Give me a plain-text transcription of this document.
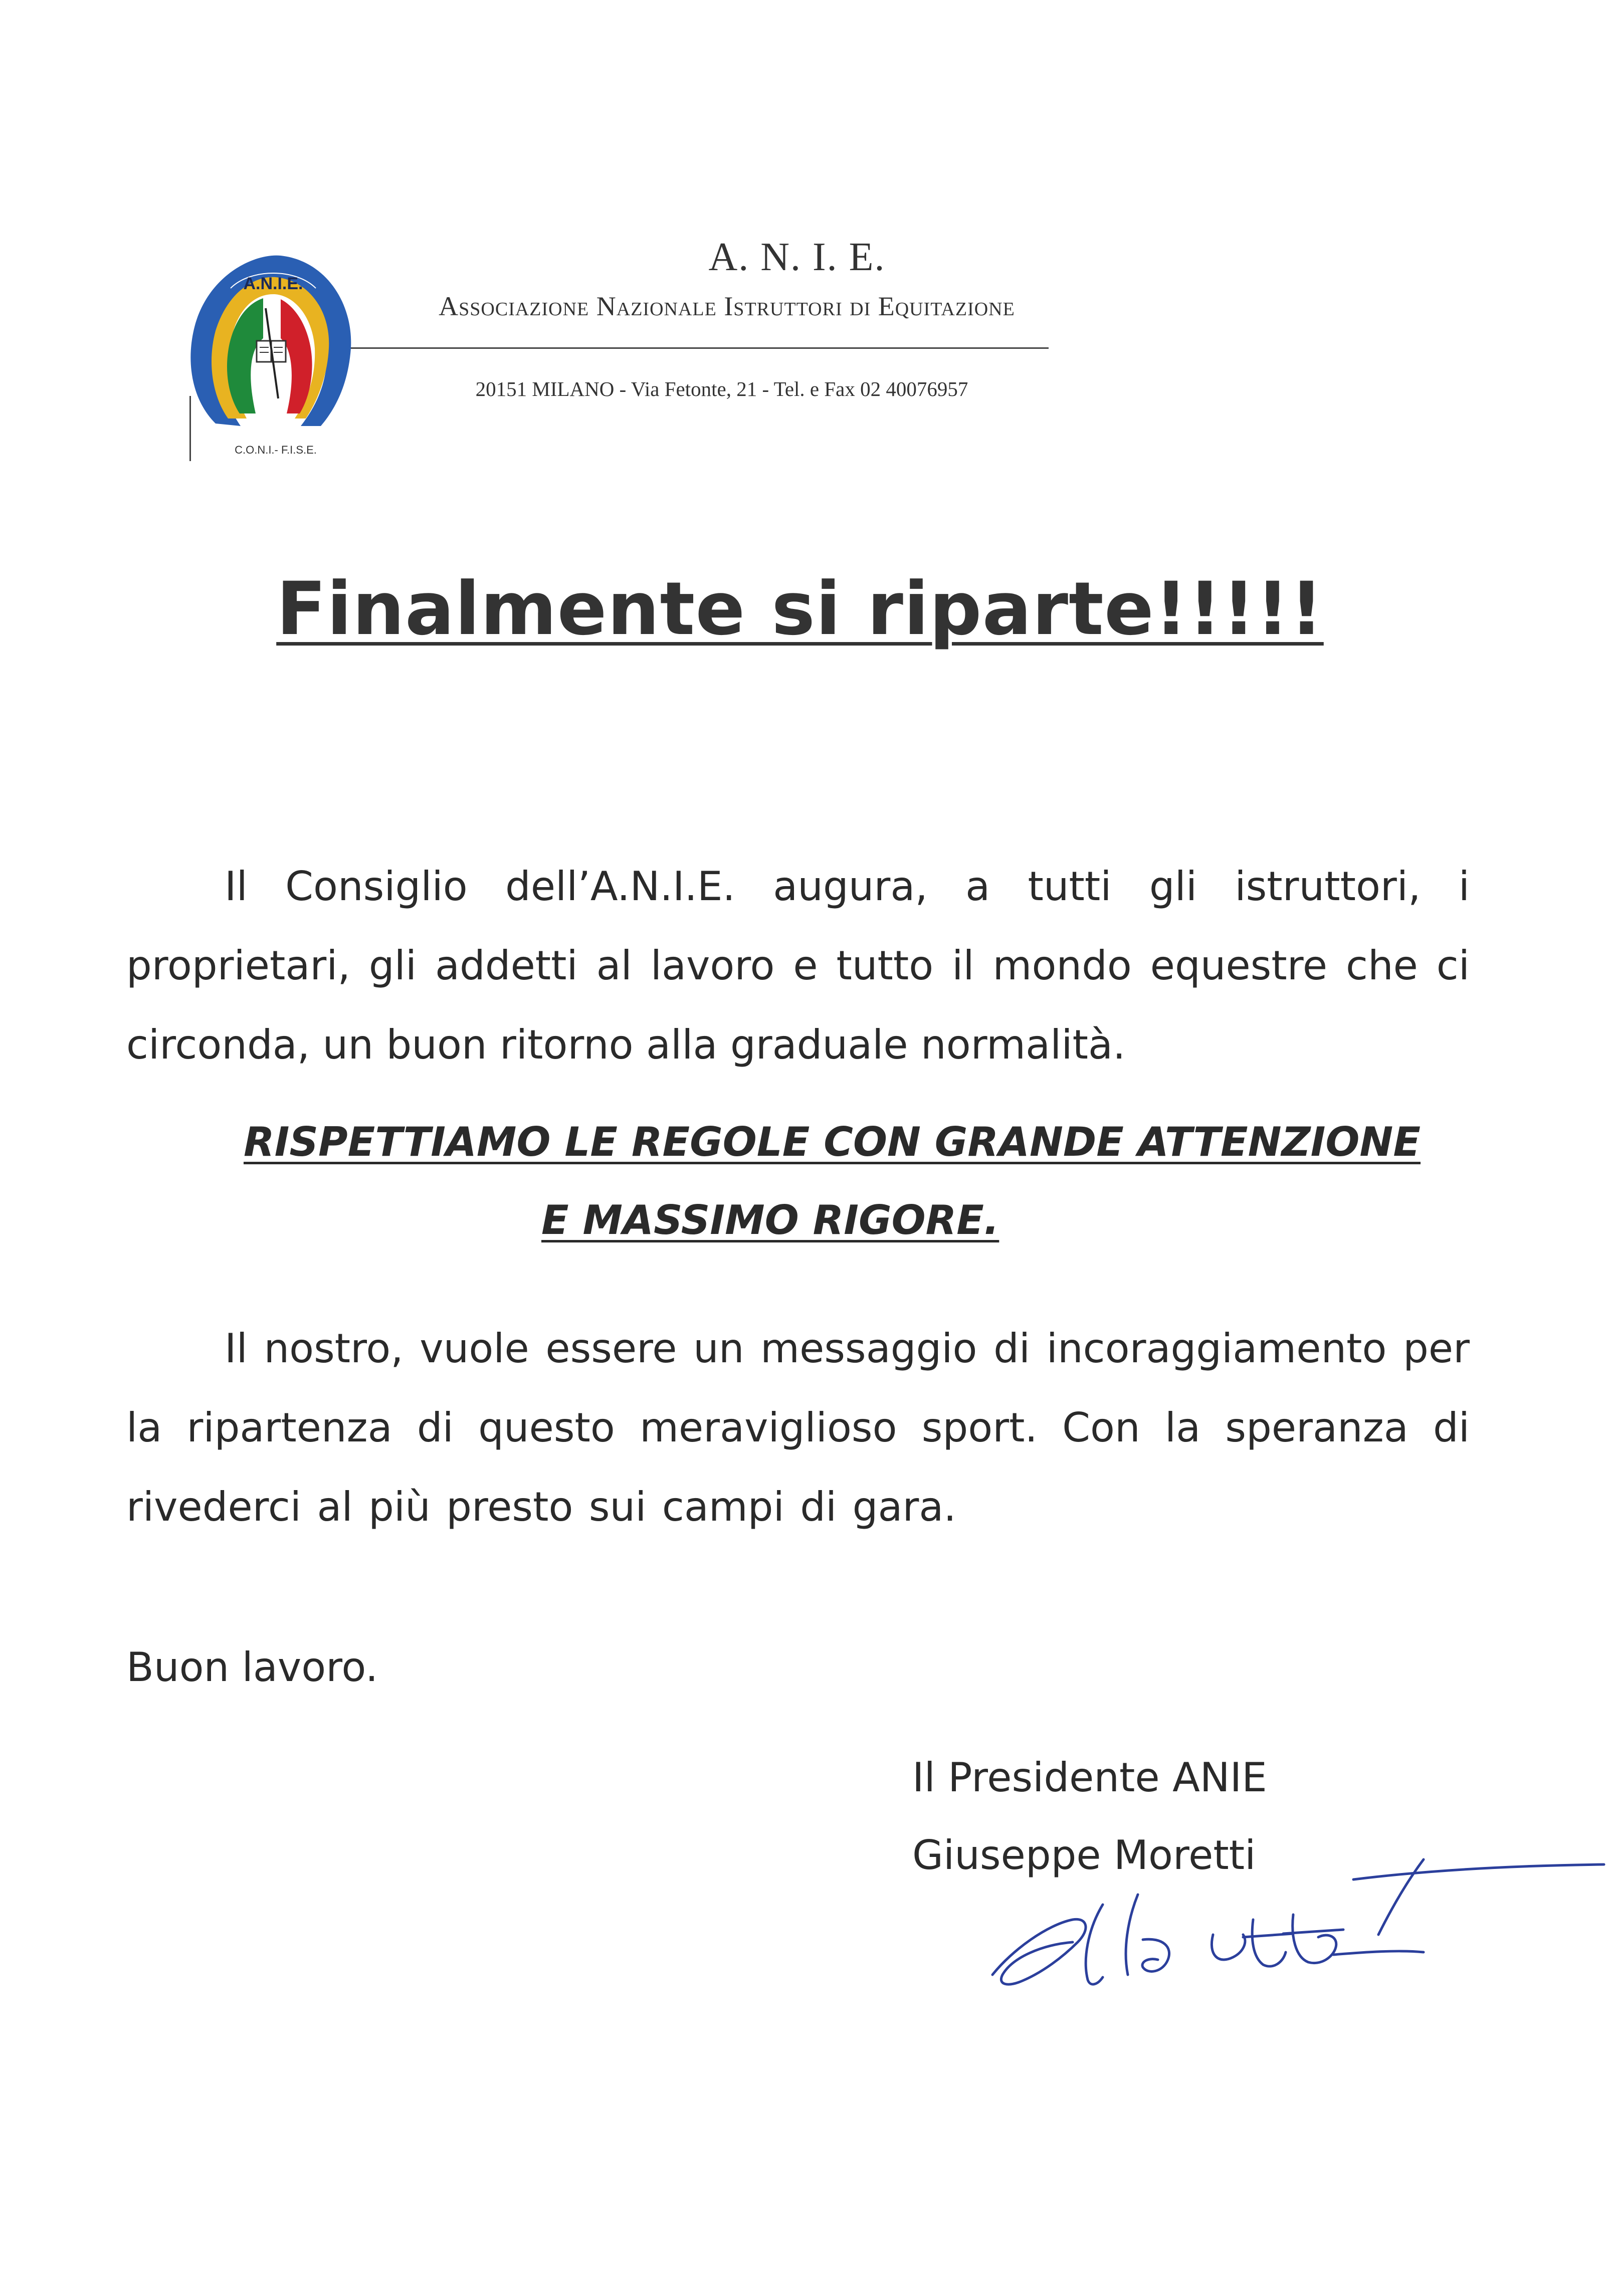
A.N.I.E.
C.O.N.I.- F.I.S.E.
A. N. I. E.
Associazione Nazionale Istruttori di Equitazione
20151 MILANO - Via Fetonte, 21 - Tel. e Fax 02 40076957
Finalmente si riparte!!!!!
Il Consiglio dell’A.N.I.E. augura, a tutti gli istruttori, i proprietari, gli addetti al lavoro e tutto il mondo equestre che ci circonda, un buon ritorno alla graduale normalità.
RISPETTIAMO LE REGOLE CON GRANDE ATTENZIONE
E MASSIMO RIGORE.
Il nostro, vuole essere un messaggio di incoraggiamento per la ripartenza di questo meraviglioso sport. Con la speranza di rivederci al più presto sui campi di gara.
Buon lavoro.
Il Presidente ANIE
Giuseppe Moretti
